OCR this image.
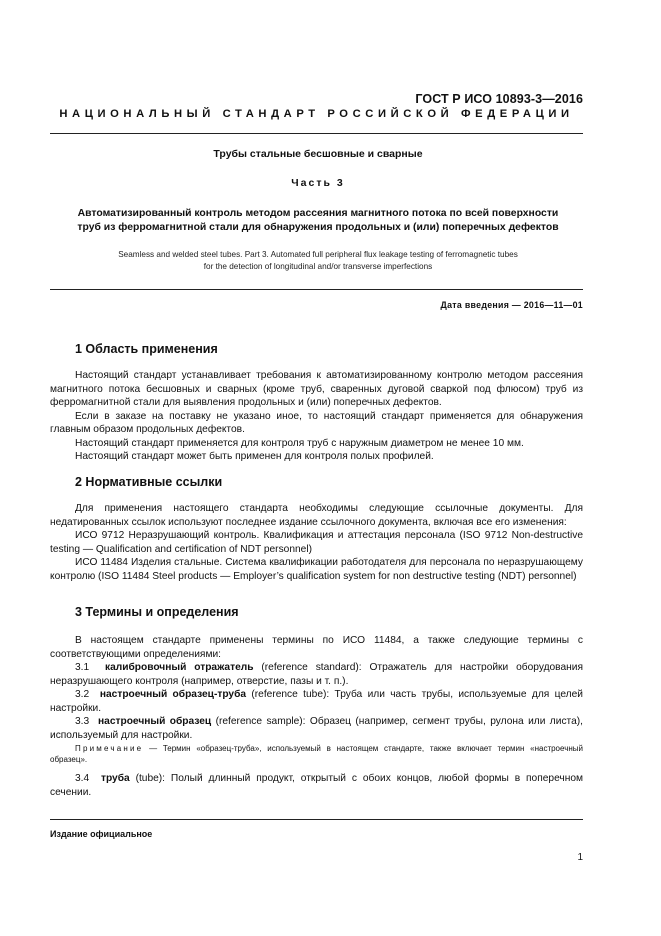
ГОСТ Р ИСО 10893-3—2016
НАЦИОНАЛЬНЫЙ СТАНДАРТ РОССИЙСКОЙ ФЕДЕРАЦИИ
Трубы стальные бесшовные и сварные
Часть 3
Автоматизированный контроль методом рассеяния магнитного потока по всей поверхности
труб из ферромагнитной стали для обнаружения продольных и (или) поперечных дефектов
Seamless and welded steel tubes. Part 3. Automated full peripheral flux leakage testing of ferromagnetic tubes
for the detection of longitudinal and/or transverse imperfections
Дата введения — 2016—11—01
1 Область применения

Настоящий стандарт устанавливает требования к автоматизированному контролю методом рассеяния магнитного потока бесшовных и сварных (кроме труб, сваренных дуговой сваркой под флюсом) труб из ферромагнитной стали для выявления продольных и (или) поперечных дефектов.

Если в заказе на поставку не указано иное, то настоящий стандарт применяется для обнаружения главным образом продольных дефектов.

Настоящий стандарт применяется для контроля труб с наружным диаметром не менее 10 мм.

Настоящий стандарт может быть применен для контроля полых профилей.

2 Нормативные ссылки

Для применения настоящего стандарта необходимы следующие ссылочные документы. Для недатированных ссылок используют последнее издание ссылочного документа, включая все его изменения:

ИСО 9712 Неразрушающий контроль. Квалификация и аттестация персонала (ISO 9712 Non-destructive testing — Qualification and certification of NDT personnel)

ИСО 11484 Изделия стальные. Система квалификации работодателя для персонала по неразрушающему контролю (ISO 11484 Steel products — Employer’s qualification system for non destructive testing (NDT) personnel)

3 Термины и определения

В настоящем стандарте применены термины по ИСО 11484, а также следующие термины с соответствующими определениями:

3.1 калибровочный отражатель (reference standard): Отражатель для настройки оборудования неразрушающего контроля (например, отверстие, пазы и т. п.).

3.2 настроечный образец-труба (reference tube): Труба или часть трубы, используемые для целей настройки.

3.3 настроечный образец (reference sample): Образец (например, сегмент трубы, рулона или листа), используемый для настройки.

Примечание — Термин «образец-труба», используемый в настоящем стандарте, также включает термин «настроечный образец».

3.4 труба (tube): Полый длинный продукт, открытый с обоих концов, любой формы в поперечном сечении.

Издание официальное
1
